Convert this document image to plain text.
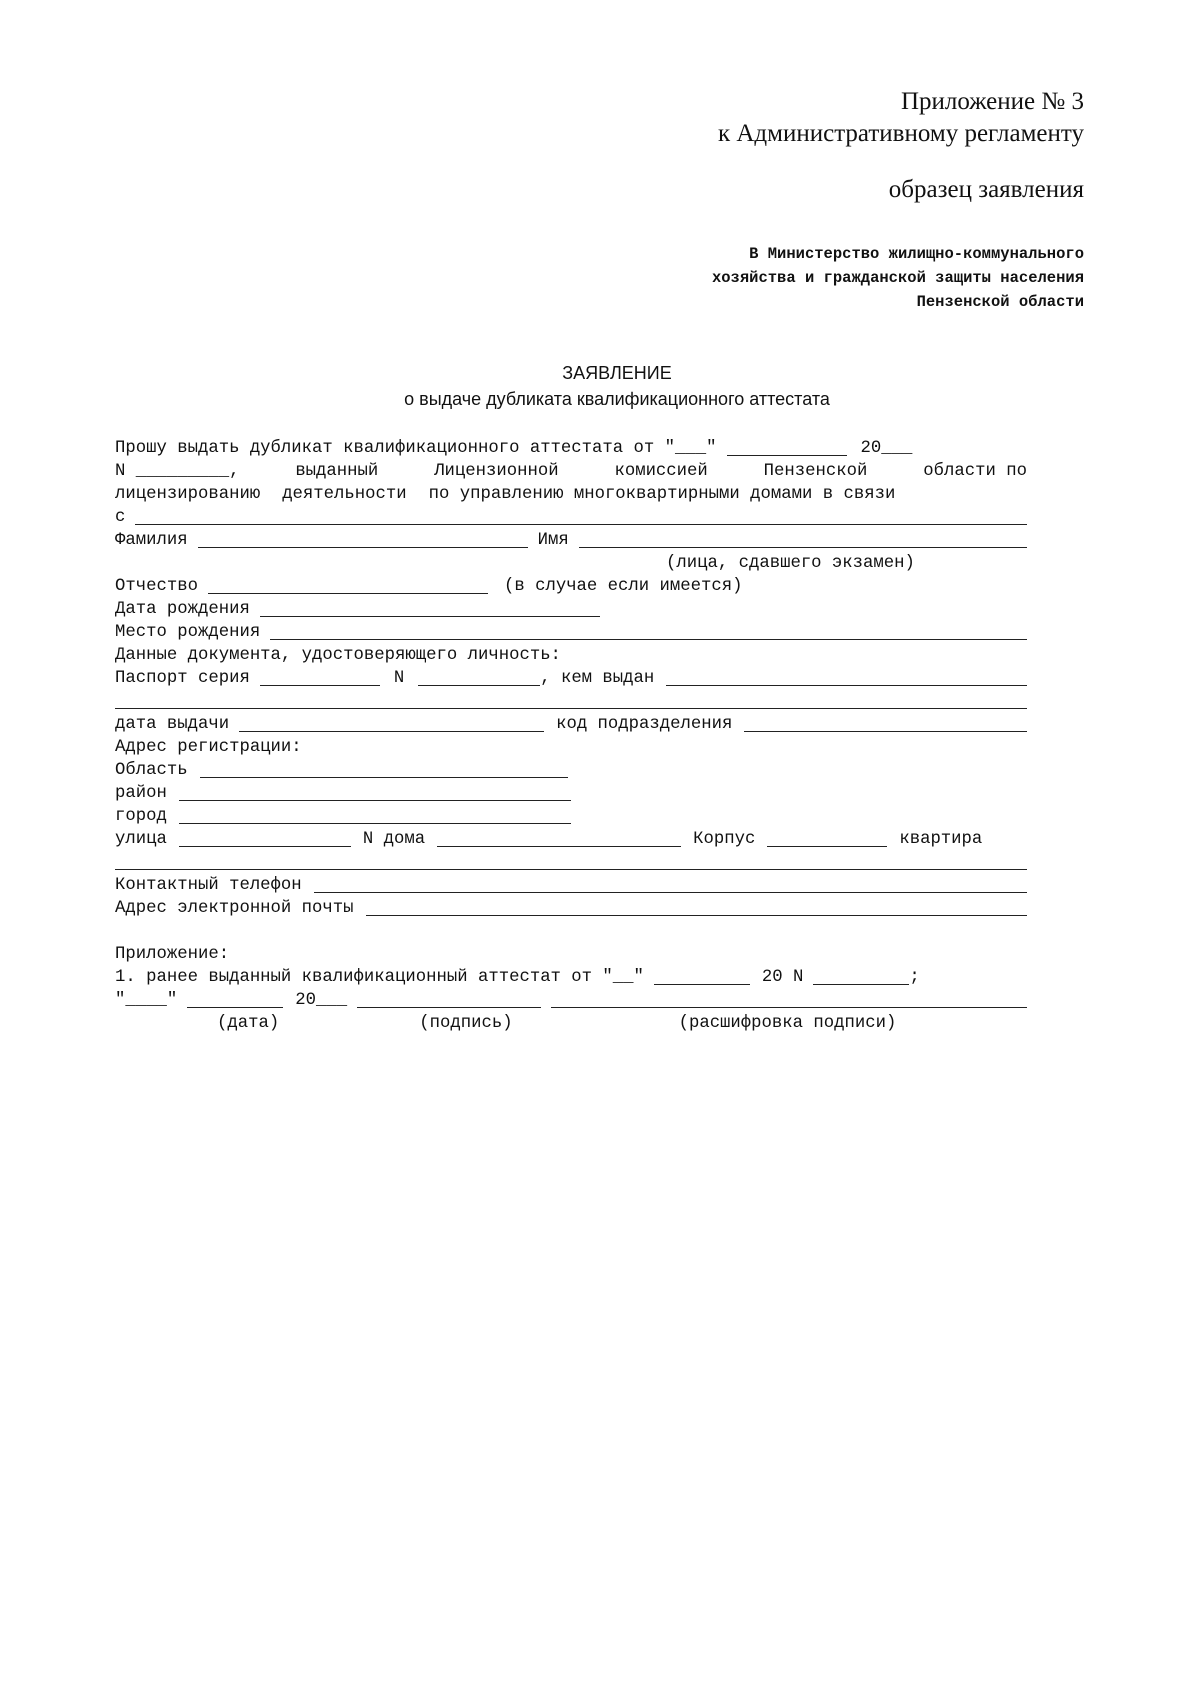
Приложение № 3
к Административному регламенту
образец заявления
В Министерство жилищно-коммунального
хозяйства и гражданской защиты населения
Пензенской области
ЗАЯВЛЕНИЕ
о выдаче дубликата квалификационного аттестата
Прошу выдать дубликат квалификационного аттестата от "___"	20___
N _________,	выданный	Лицензионной	комиссией	Пензенской	области по
лицензированию деятельности по управлению многоквартирными домами в связи
с
Фамилия	Имя
(лица, сдавшего экзамен)
Отчество	(в случае если имеется)
Дата рождения
Место рождения
Данные документа, удостоверяющего личность:
Паспорт серия	N	, кем выдан
дата выдачи	код подразделения
Адрес регистрации:
Область
район
город
улица	N дома	Корпус	квартира
Контактный телефон
Адрес электронной почты
Приложение:
1. ранее выданный квалификационный аттестат от "__"	20 N	;
"____"	20___
(дата)	(подпись)	(расшифровка подписи)
